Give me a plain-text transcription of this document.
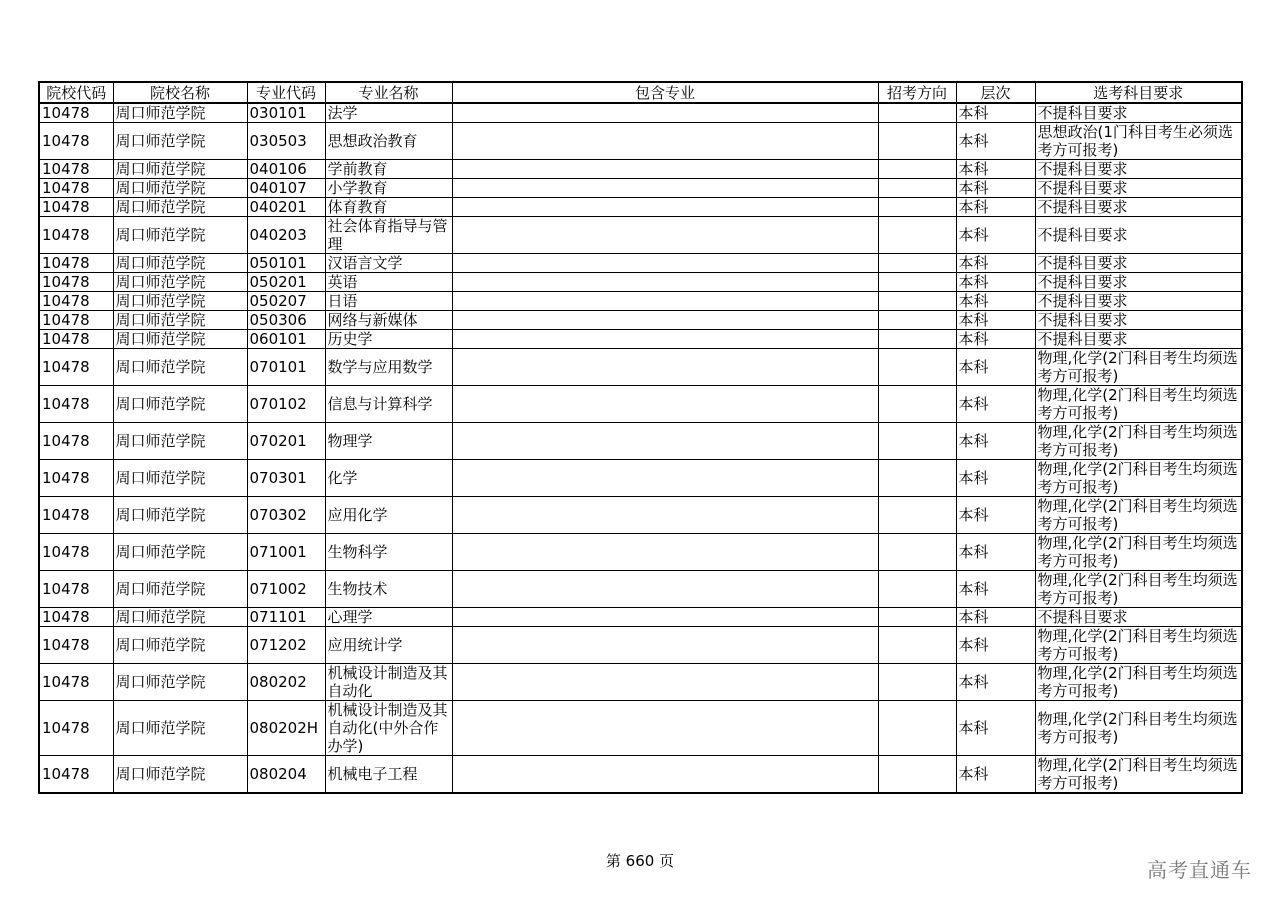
院校代码	院校名称	专业代码	专业名称	包含专业	招考方向	层次	选考科目要求
10478	周口师范学院	030101	法学			本科	不提科目要求
10478	周口师范学院	030503	思想政治教育			本科	思想政治(1门科目考生必须选考方可报考)
10478	周口师范学院	040106	学前教育			本科	不提科目要求
10478	周口师范学院	040107	小学教育			本科	不提科目要求
10478	周口师范学院	040201	体育教育			本科	不提科目要求
10478	周口师范学院	040203	社会体育指导与管理			本科	不提科目要求
10478	周口师范学院	050101	汉语言文学			本科	不提科目要求
10478	周口师范学院	050201	英语			本科	不提科目要求
10478	周口师范学院	050207	日语			本科	不提科目要求
10478	周口师范学院	050306	网络与新媒体			本科	不提科目要求
10478	周口师范学院	060101	历史学			本科	不提科目要求
10478	周口师范学院	070101	数学与应用数学			本科	物理,化学(2门科目考生均须选考方可报考)
10478	周口师范学院	070102	信息与计算科学			本科	物理,化学(2门科目考生均须选考方可报考)
10478	周口师范学院	070201	物理学			本科	物理,化学(2门科目考生均须选考方可报考)
10478	周口师范学院	070301	化学			本科	物理,化学(2门科目考生均须选考方可报考)
10478	周口师范学院	070302	应用化学			本科	物理,化学(2门科目考生均须选考方可报考)
10478	周口师范学院	071001	生物科学			本科	物理,化学(2门科目考生均须选考方可报考)
10478	周口师范学院	071002	生物技术			本科	物理,化学(2门科目考生均须选考方可报考)
10478	周口师范学院	071101	心理学			本科	不提科目要求
10478	周口师范学院	071202	应用统计学			本科	物理,化学(2门科目考生均须选考方可报考)
10478	周口师范学院	080202	机械设计制造及其自动化			本科	物理,化学(2门科目考生均须选考方可报考)
10478	周口师范学院	080202H	机械设计制造及其自动化(中外合作办学)			本科	物理,化学(2门科目考生均须选考方可报考)
10478	周口师范学院	080204	机械电子工程			本科	物理,化学(2门科目考生均须选考方可报考)
第 660 页	高考直通车
